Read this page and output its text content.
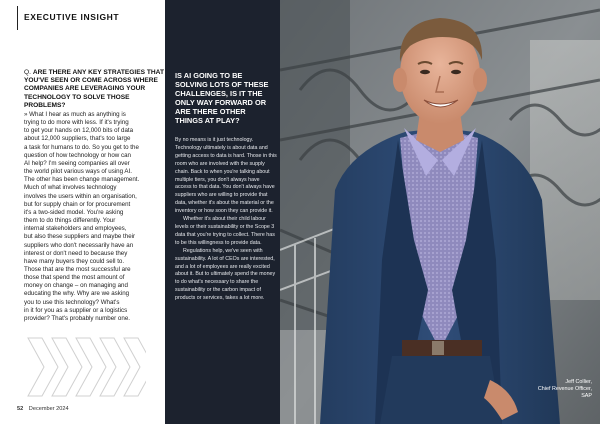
EXECUTIVE INSIGHT
Q. ARE THERE ANY KEY STRATEGIES THAT YOU'VE SEEN OR COME ACROSS WHERE COMPANIES ARE LEVERAGING YOUR TECHNOLOGY TO SOLVE THOSE PROBLEMS?
» What I hear as much as anything is
trying to do more with less. If it's trying
to get your hands on 12,000 bits of data
about 12,000 suppliers, that's too large
a task for humans to do. So you get to the
question of how technology or how can
AI help? I'm seeing companies all over
the world pilot various ways of using AI.
The other has been change management.
Much of what involves technology
involves the users within an organisation,
but for supply chain or for procurement
it's a two-sided model. You're asking
them to do things differently. Your
internal stakeholders and employees,
but also these suppliers and maybe their
suppliers who don't necessarily have an
interest or don't need to because they
have many buyers they could sell to.
Those that are the most successful are
those that spend the most amount of
money on change – on managing and
educating the why. Why are we asking
you to use this technology? What's
in it for you as a supplier or a logistics
provider? That's probably number one.
52 December 2024
IS AI GOING TO BE SOLVING LOTS OF THESE CHALLENGES, IS IT THE ONLY WAY FORWARD OR ARE THERE OTHER THINGS AT PLAY?

By no means is it just technology. Technology ultimately is about data and getting access to data is hard. Those in this room who are involved with the supply chain. Back to when you're talking about multiple tiers, you don't always have access to that data. You don't always have suppliers who are willing to provide that data, whether it's about the material or the inventory or how soon they can provide it.

Whether it's about their child labour levels or their sustainability or the Scope 3 data that you're trying to collect. There has to be this willingness to provide data.

Regulations help, we've seen with sustainability. A lot of CEOs are interested, and a lot of employees are really excited about it. But to ultimately spend the money to do what's necessary to share the sustainability or the carbon impact of products or services, takes a lot more.

Jeff Collier,
Chief Revenue Officer,
SAP
